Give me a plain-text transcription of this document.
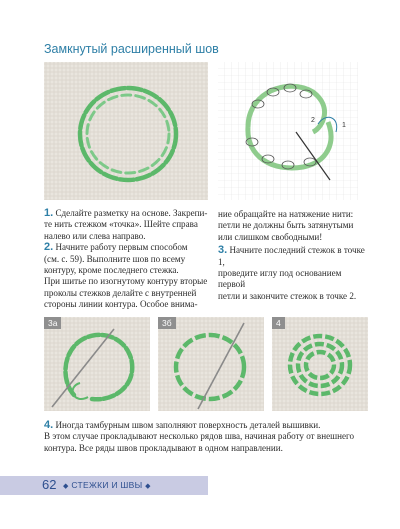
Замкнутый расширенный шов
2
1

1. Сделайте разметку на основе. Закрепи-
те нить стежком «точка». Шейте справа
налево или слева направо.

2. Начните работу первым способом
(см. с. 59). Выполните шов по всему
контуру, кроме последнего стежка.
При шитье по изогнутому контуру вторые
проколы стежков делайте с внутренней
стороны линии контура. Особое внима-

ние обращайте на натяжение нити:
петли не должны быть затянутыми
или слишком свободными!

3. Начните последний стежок в точке 1,
проведите иглу под основанием первой
петли и закончите стежок в точке 2.

3а	3б	4

4. Иногда тамбурным швом заполняют поверхность деталей вышивки.
В этом случае прокладывают несколько рядов шва, начиная работу от внешнего
контура. Все ряды швов прокладывают в одном направлении.

62 ◆ СТЕЖКИ И ШВЫ ◆
